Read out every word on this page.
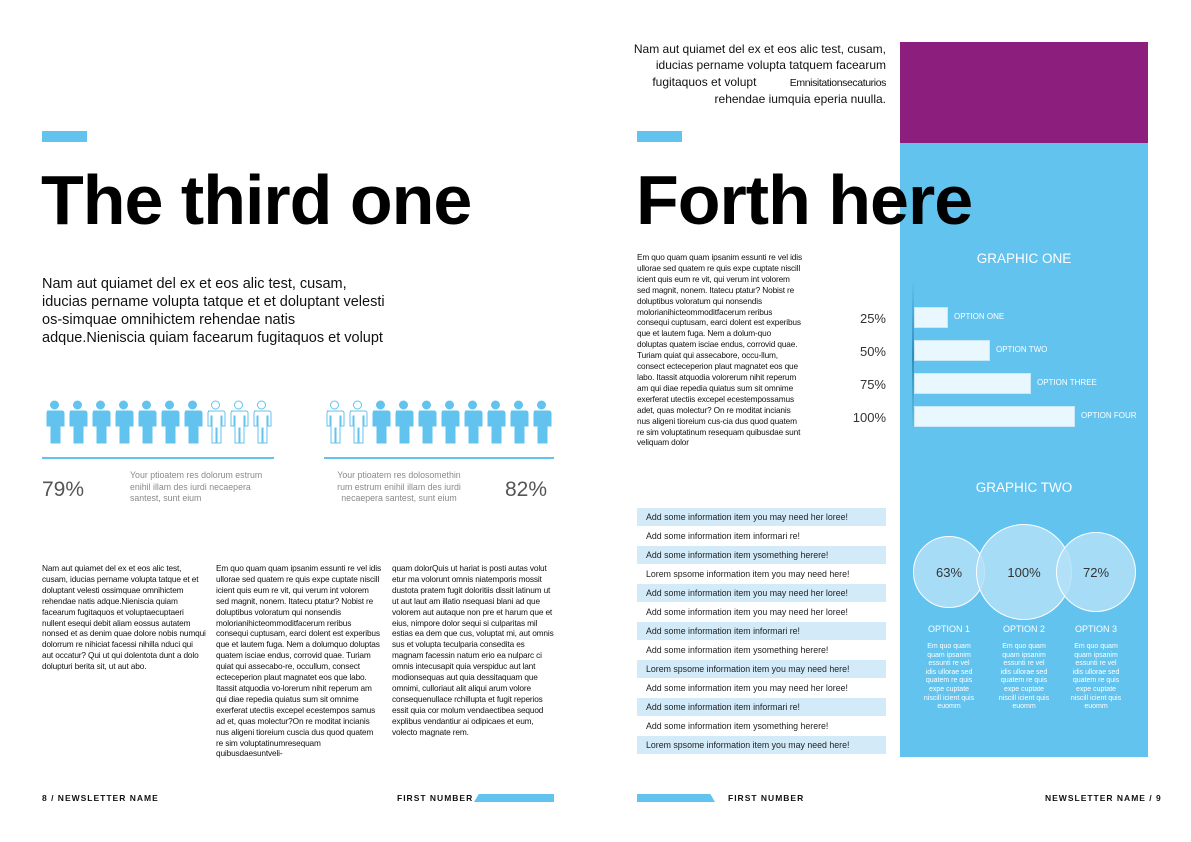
The third one
Nam aut quiamet del ex et eos alic test, cusam, iducias pername volupta tatque et et doluptant velesti os-simquae omnihictem rehendae natis adque.Nieniscia quiam facearum fugitaquos et volupt
79%
Your ptioatem res dolorum estrum enihil illam des iurdi necaepera santest, sunt eium
Your ptioatem res dolosomethin rum estrum enihil illam des iurdi necaepera santest, sunt eium	82%
Nam aut quiamet del ex et eos alic test, cusam, iducias pername volupta tatque et et doluptant velesti ossimquae omnihictem rehendae natis adque.Nieniscia quiam facearum fugitaquos et voluptaecuptaeri nullent esequi debit aliam eossus autatem nonsed et as denim quae dolore nobis numqui dolorrum re nihiciat facessi nihilla nduci qui aut occatur? Qui ut qui dolentota dunt a dolo dolupturi berita sit, ut aut abo.
Em quo quam quam ipsanim essunti re vel idis ullorae sed quatem re quis expe cuptate niscill icient quis eum re vit, qui verum int volorem sed magnit, nonem. Itatecu ptatur? Nobist re doluptibus voloratum qui nonsendis molorianihicteommoditfacerum reribus consequi cuptusam, earci dolent est experibus que et lautem fuga. Nem a dolumquo doluptas quatem isciae endus, corrovid quae. Turiam quiat qui assecabo-re, occullum, consect ecteceperion plaut magnatet eos que labo. Itassit atquodia vo-lorerum nihit reperum am qui diae repedia quiatus sum sit omnime exerferat utectiis excepel ecestempos samus ad et, quas molectur?On re moditat incianis nus aligeni tioreium cuscia dus quod quatem re sim voluptatinumresequam quibusdaesuntveli-
quam dolorQuis ut hariat is posti autas volut etur ma volorunt omnis niatemporis mossit dustota pratem fugit doloritiis dissit latinum ut ut aut laut am illatio nsequasi blani ad que volorem aut autaque non pre et harum que et eius, nimpore dolor sequi si culparitas mil estias ea dem que cus, voluptat mi, aut omnis sus et volupta teculparia consedita es magnam facessin natum erio ea nulparc ci omnis intecusapit quia verspiduc aut lant modionsequas aut quia dessitaquam que omnimi, culloriaut alit aliqui arum volore consequenullace rchillupta et fugit reperios essit quia cor molum vendaectibea sequod explibus vendantiur ai odipicaes et eum, volecto magnate rem.
8 / NEWSLETTER NAME	FIRST NUMBER
Nam aut quiamet del ex et eos alic test, cusam,
iducias pername volupta tatquem facearum
fugitaquos et volupt	Emnisitationsecaturios
rehendae iumquia eperia nuulla.
Forth here
Em quo quam quam ipsanim essunti re vel idis ullorae sed quatem re quis expe cuptate niscill icient quis eum re vit, qui verum int volorem sed magnit, nonem. Itatecu ptatur? Nobist re doluptibus voloratum qui nonsendis molorianihicteommoditfacerum reribus consequi cuptusam, earci dolent est experibus que et lautem fuga. Nem a dolum-quo doluptas quatem isciae endus, corrovid quae. Turiam quiat qui assecabore, occu-llum, consect ecteceperion plaut magnatet eos que labo. Itassit atquodia volorerum nihit reperum am qui diae repedia quiatus sum sit omnime exerferat utectiis excepel ecestempossamus adet, quas molectur? On re moditat incianis nus aligeni tioreium cus-cia dus quod quatem re sim voluptatinum resequam quibusdae sunt veliquam dolor
Add some information item you may need her loree!
Add some information item informari re!
Add some information item ysomething herere!
Lorem spsome information item you may need here!
Add some information item you may need her loree!
Add some information item you may need her loree!
Add some information item informari re!
Add some information item ysomething herere!
Lorem spsome information item you may need here!
Add some information item you may need her loree!
Add some information item informari re!
Add some information item ysomething herere!
Lorem spsome information item you may need here!
GRAPHIC ONE
25%	OPTION ONE
50%	OPTION TWO
75%	OPTION THREE
100%	OPTION FOUR
GRAPHIC TWO
63%
OPTION 1
Em quo quam quam ipsanim essunti re vel idis ullorae sed quatem re quis expe cuptate niscill icient quis euomm
100%
OPTION 2
Em quo quam quam ipsanim essunti re vel idis ullorae sed quatem re quis expe cuptate niscill icient quis euomm
72%
OPTION 3
Em quo quam quam ipsanim essunti re vel idis ullorae sed quatem re quis expe cuptate niscill icient quis euomm
FIRST NUMBER	NEWSLETTER NAME / 9
